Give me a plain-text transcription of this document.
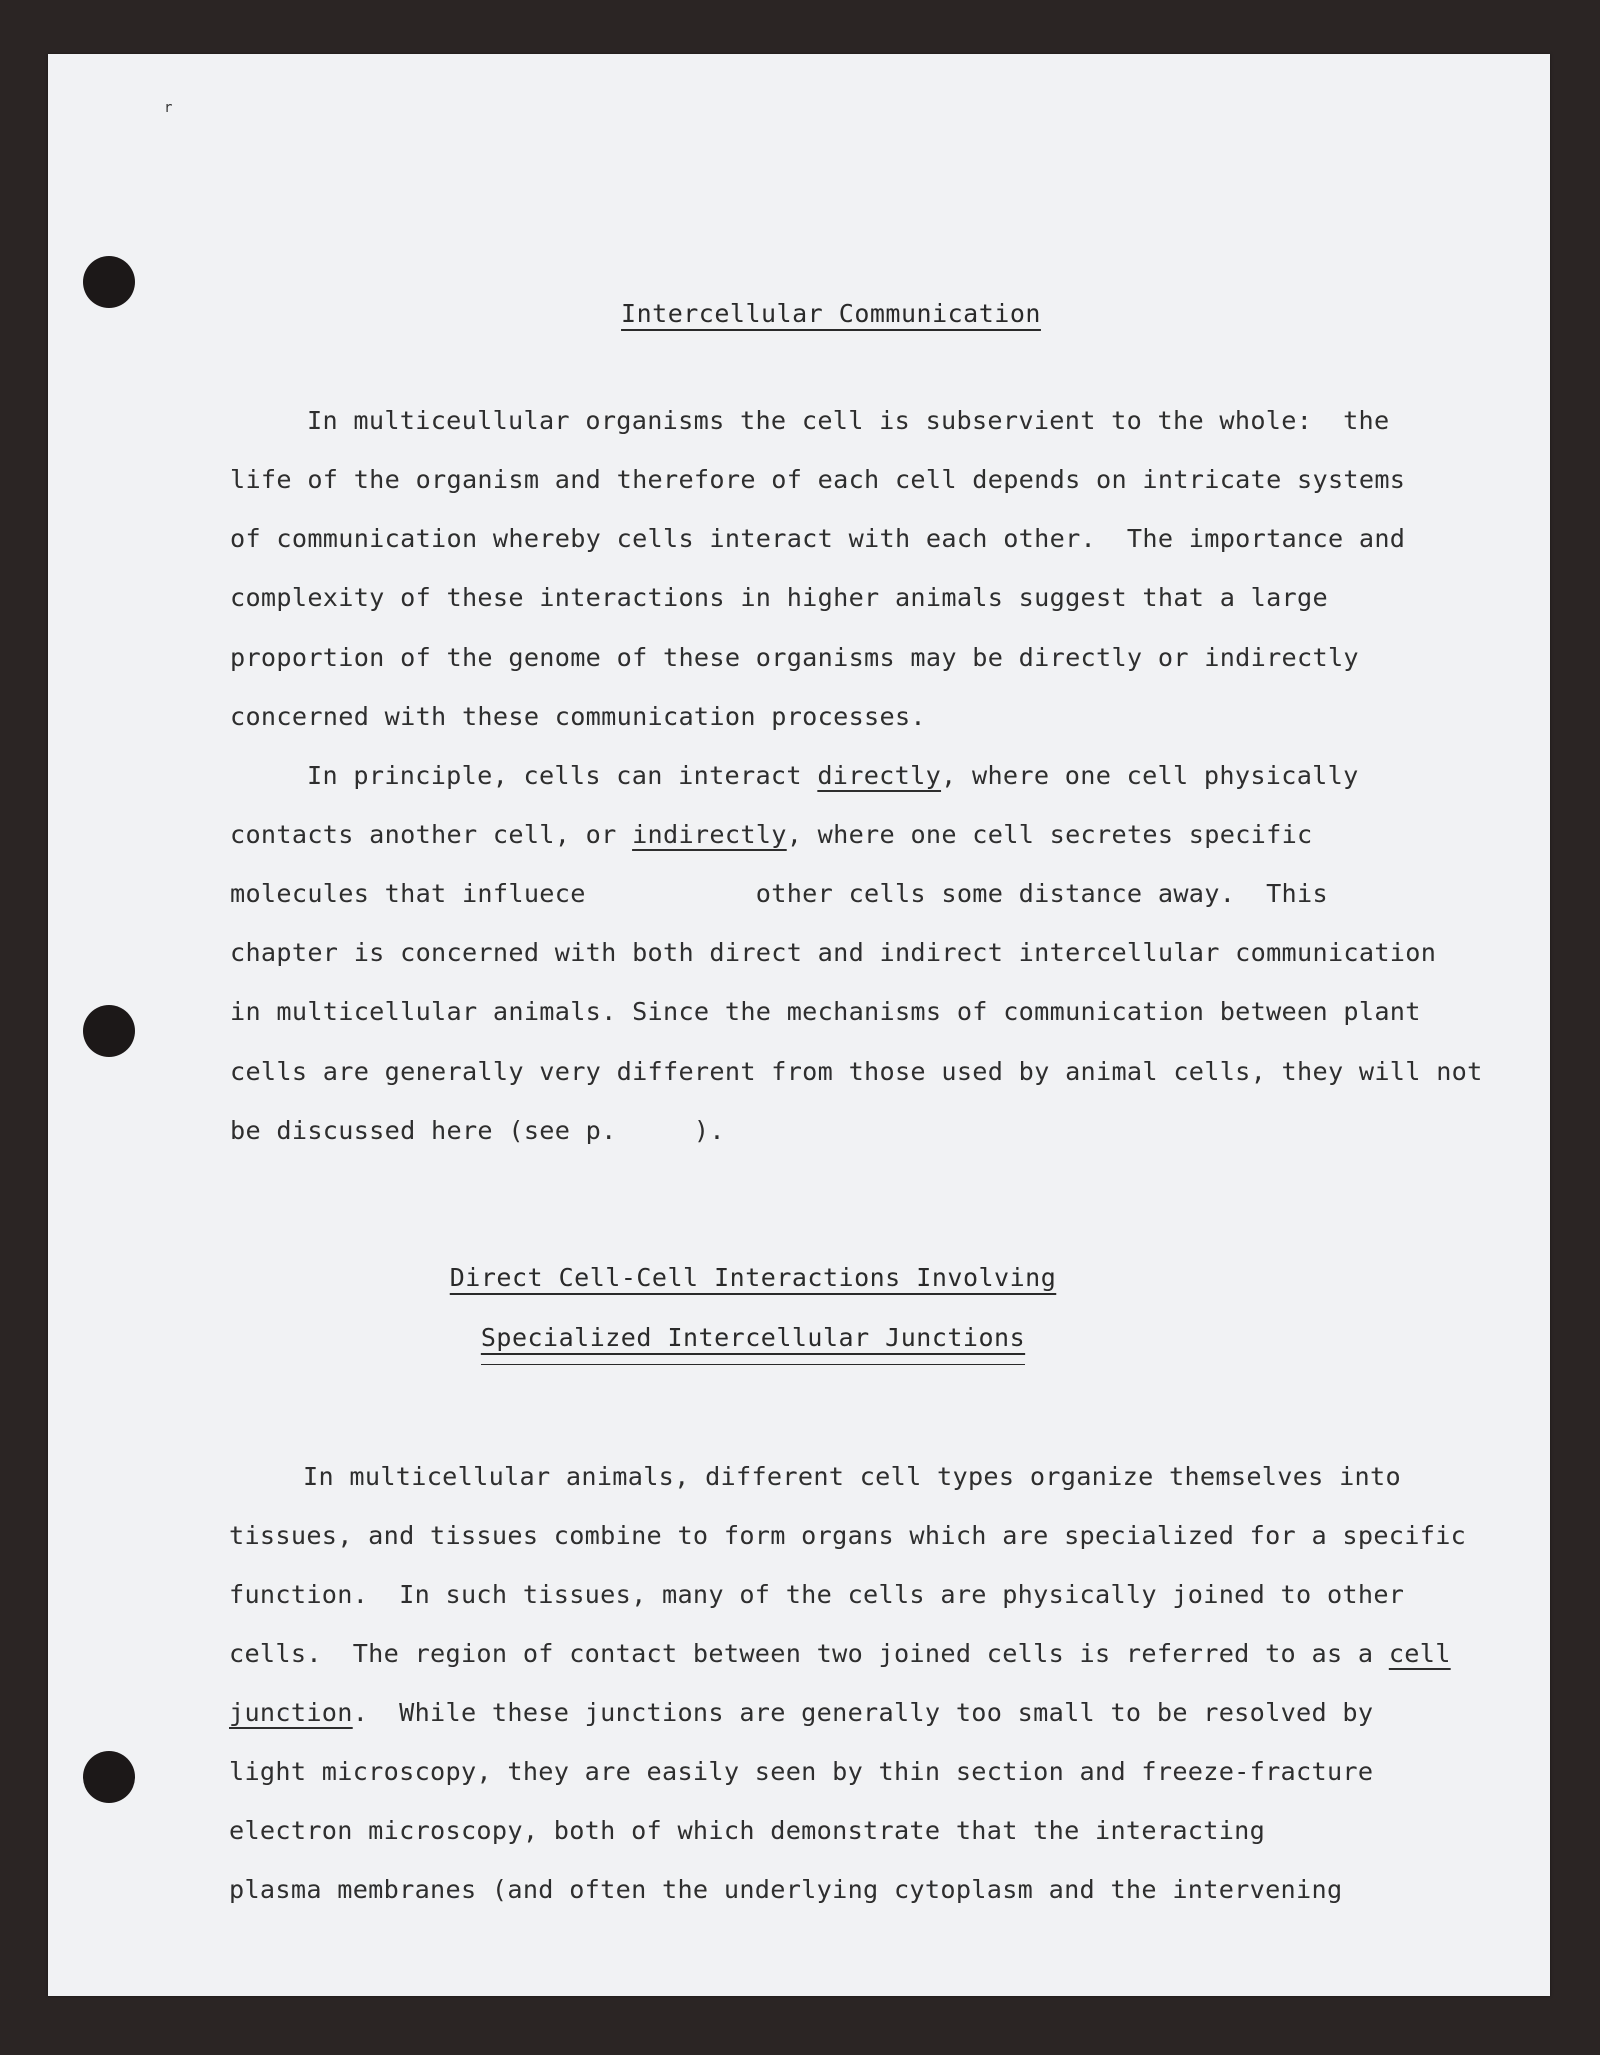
r
Intercellular Communication
In multiceullular organisms the cell is subservient to the whole:  the
life of the organism and therefore of each cell depends on intricate systems
of communication whereby cells interact with each other.  The importance and
complexity of these interactions in higher animals suggest that a large
proportion of the genome of these organisms may be directly or indirectly
concerned with these communication processes.
In principle, cells can interact directly, where one cell physically
contacts another cell, or indirectly, where one cell secretes specific
molecules that influece           other cells some distance away.  This
chapter is concerned with both direct and indirect intercellular communication
in multicellular animals. Since the mechanisms of communication between plant
cells are generally very different from those used by animal cells, they will not
be discussed here (see p.     ).
Direct Cell-Cell Interactions Involving
Specialized Intercellular Junctions
In multicellular animals, different cell types organize themselves into
tissues, and tissues combine to form organs which are specialized for a specific
function.  In such tissues, many of the cells are physically joined to other
cells.  The region of contact between two joined cells is referred to as a cell
junction.  While these junctions are generally too small to be resolved by
light microscopy, they are easily seen by thin section and freeze-fracture
electron microscopy, both of which demonstrate that the interacting
plasma membranes (and often the underlying cytoplasm and the intervening
